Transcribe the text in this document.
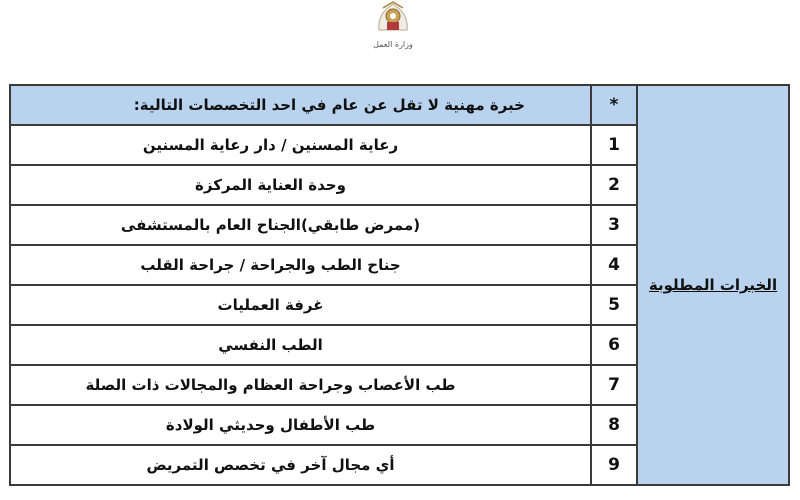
وزارة العمل
الخبرات المطلوبة	*	خبرة مهنية لا تقل عن عام في احد التخصصات التالية:
	1	رعاية المسنين / دار رعاية المسنين
	2	وحدة العناية المركزة
	3	(ممرض طابقي)الجناح العام بالمستشفى
	4	جناح الطب والجراحة / جراحة القلب
	5	غرفة العمليات
	6	الطب النفسي
	7	طب الأعصاب وجراحة العظام والمجالات ذات الصلة
	8	طب الأطفال وحديثي الولادة
	9	أي مجال آخر في تخصص التمريض
